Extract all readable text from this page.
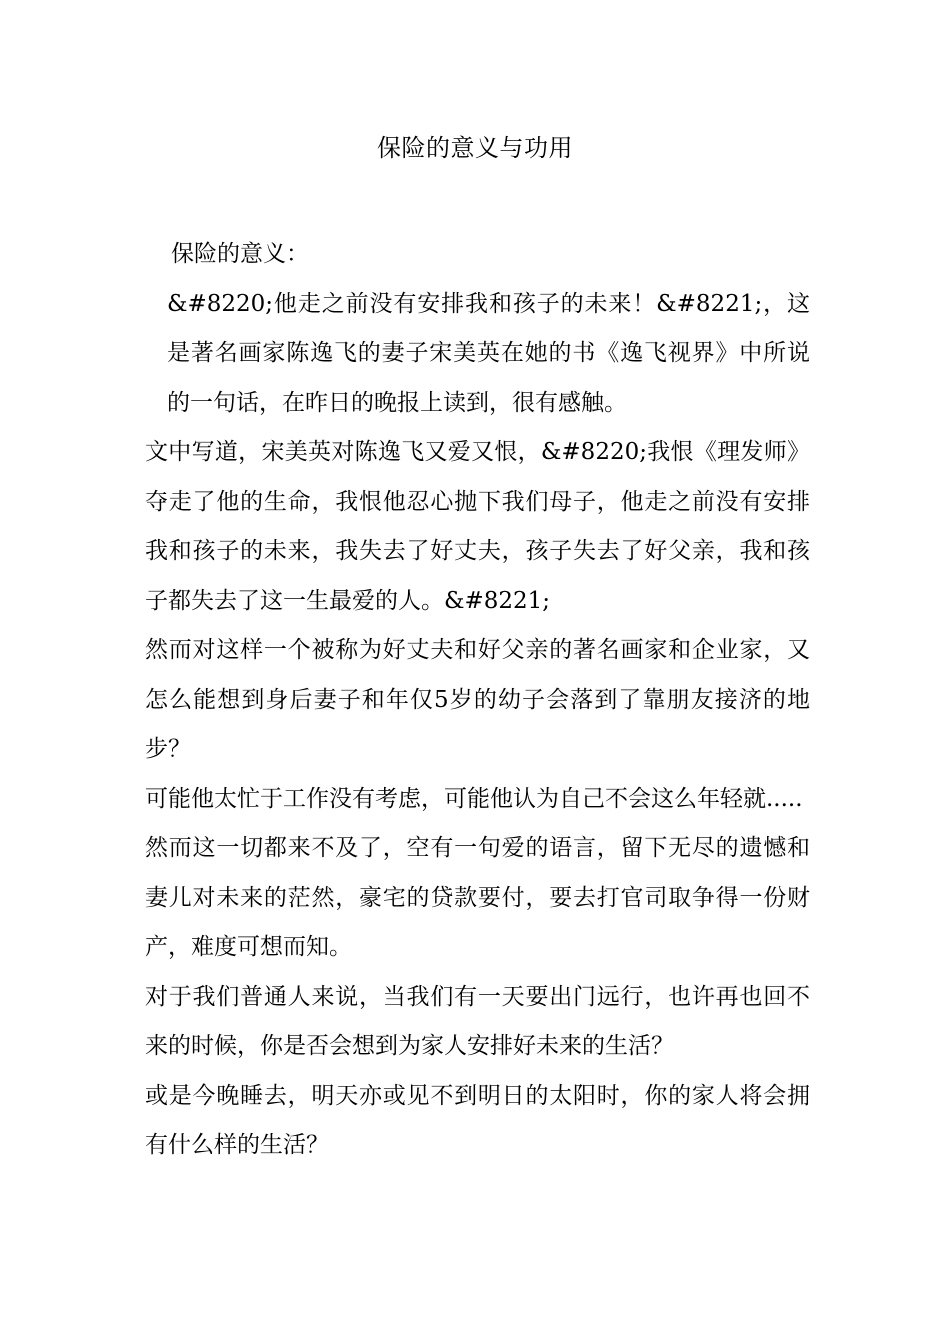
保险的意义与功用

保险的意义：

&#8220;他走之前没有安排我和孩子的未来！&#8221;，这是著名画家陈逸飞的妻子宋美英在她的书《逸飞视界》中所说的一句话，在昨日的晚报上读到，很有感触。

文中写道，宋美英对陈逸飞又爱又恨，&#8220;我恨《理发师》夺走了他的生命，我恨他忍心抛下我们母子，他走之前没有安排我和孩子的未来，我失去了好丈夫，孩子失去了好父亲，我和孩子都失去了这一生最爱的人。&#8221;

然而对这样一个被称为好丈夫和好父亲的著名画家和企业家，又怎么能想到身后妻子和年仅5岁的幼子会落到了靠朋友接济的地步？

可能他太忙于工作没有考虑，可能他认为自己不会这么年轻就.....

然而这一切都来不及了，空有一句爱的语言，留下无尽的遗憾和妻儿对未来的茫然，豪宅的贷款要付，要去打官司取争得一份财产，难度可想而知。

对于我们普通人来说，当我们有一天要出门远行，也许再也回不来的时候，你是否会想到为家人安排好未来的生活？

或是今晚睡去，明天亦或见不到明日的太阳时，你的家人将会拥有什么样的生活？
